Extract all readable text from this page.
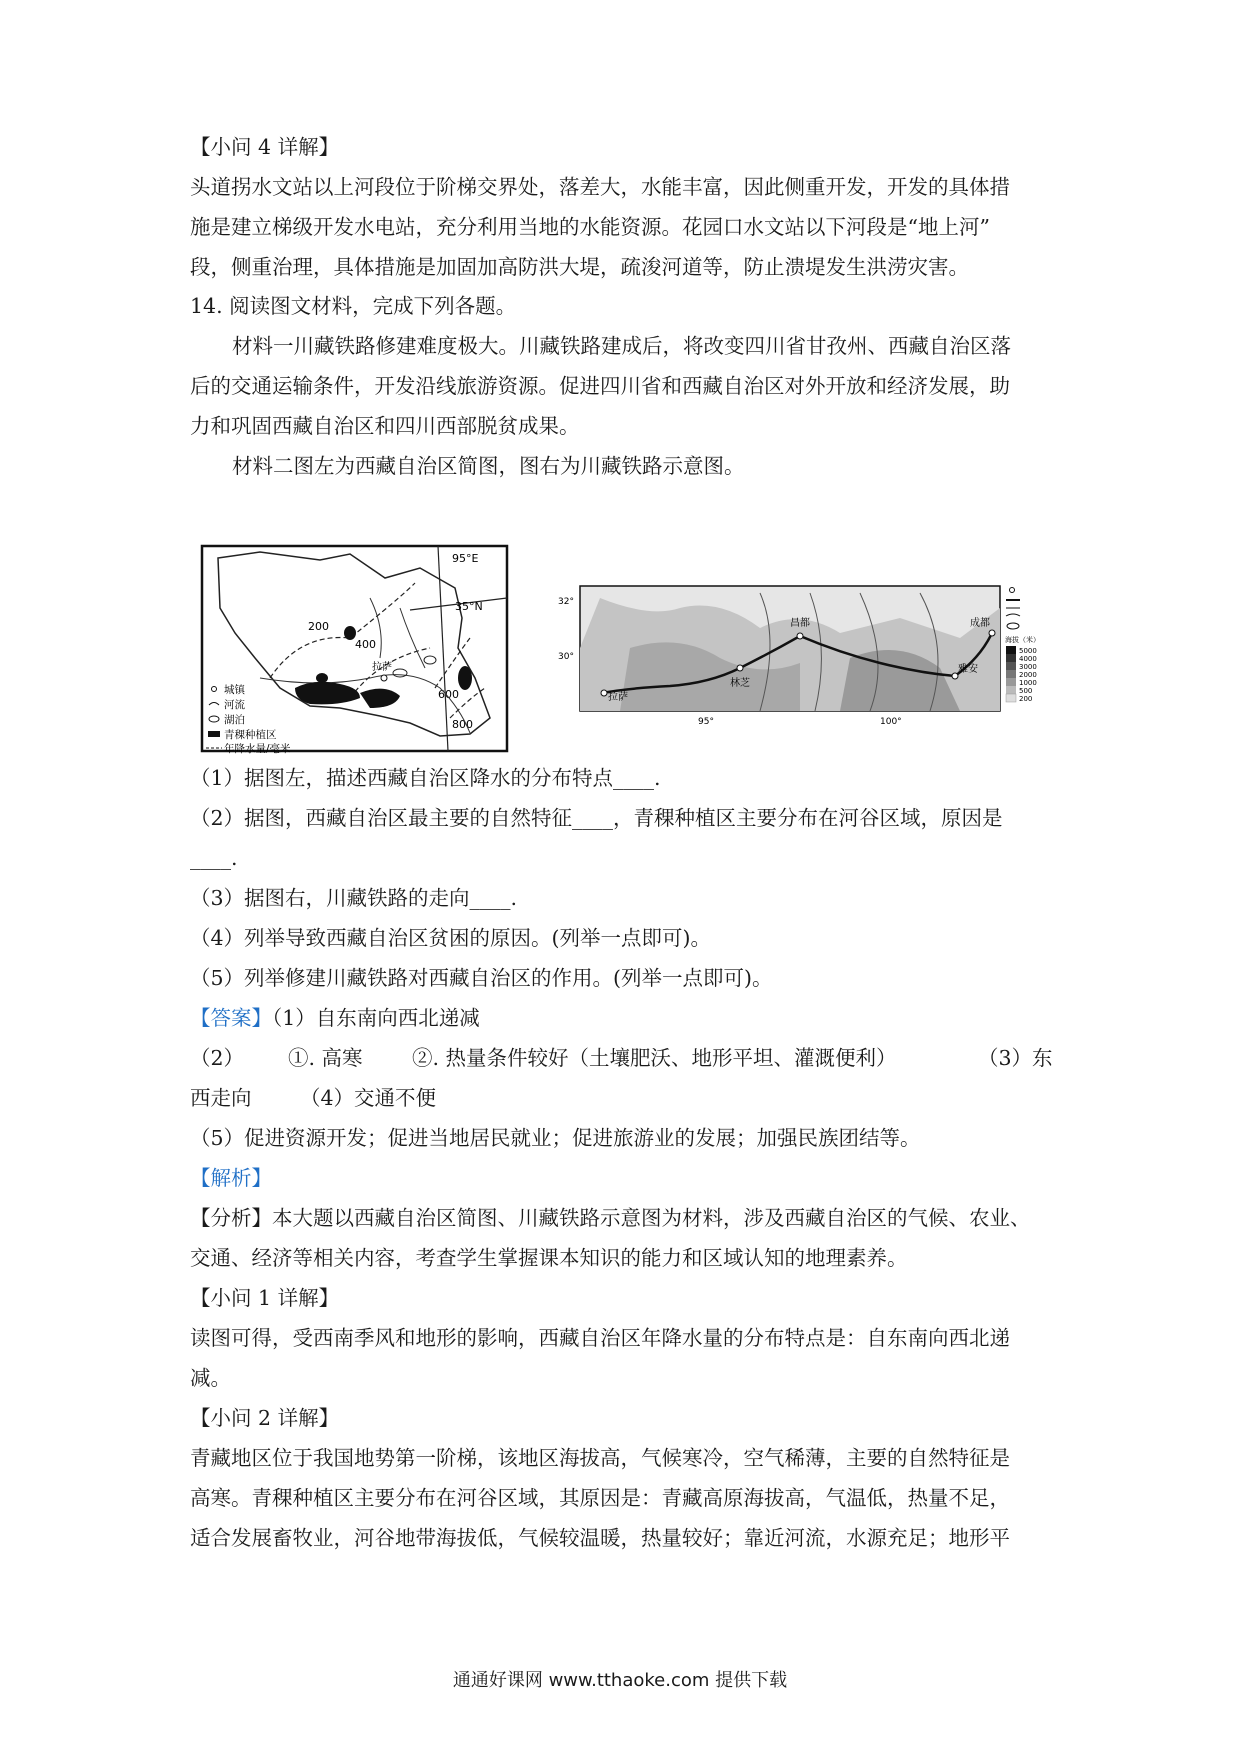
【小问 4 详解】
头道拐水文站以上河段位于阶梯交界处，落差大，水能丰富，因此侧重开发，开发的具体措
施是建立梯级开发水电站，充分利用当地的水能资源。花园口水文站以下河段是“地上河”
段，侧重治理，具体措施是加固加高防洪大堤，疏浚河道等，防止溃堤发生洪涝灾害。
14. 阅读图文材料，完成下列各题。
材料一川藏铁路修建难度极大。川藏铁路建成后，将改变四川省甘孜州、西藏自治区落
后的交通运输条件，开发沿线旅游资源。促进四川省和西藏自治区对外开放和经济发展，助
力和巩固西藏自治区和四川西部脱贫成果。
材料二图左为西藏自治区简图，图右为川藏铁路示意图。
95°E
35°N
200
400
600
800
拉萨
城镇
河流
湖泊
青稞种植区
年降水量/毫米
昌都	成都
林芝
雅安
拉萨
32°
30°
95°	100°
海拔（米）
5000
4000
3000
2000
1000
500
200
（1）据图左，描述西藏自治区降水的分布特点____.
（2）据图，西藏自治区最主要的自然特征____，青稞种植区主要分布在河谷区域，原因是
____.
（3）据图右，川藏铁路的走向____.
（4）列举导致西藏自治区贫困的原因。(列举一点即可)。
（5）列举修建川藏铁路对西藏自治区的作用。(列举一点即可)。
【答案】（1）自东南向西北递减
（2） ①. 高寒 ②. 热量条件较好（土壤肥沃、地形平坦、灌溉便利）	（3）东
西走向 （4）交通不便
（5）促进资源开发；促进当地居民就业；促进旅游业的发展；加强民族团结等。
【解析】
【分析】本大题以西藏自治区简图、川藏铁路示意图为材料，涉及西藏自治区的气候、农业、
交通、经济等相关内容，考查学生掌握课本知识的能力和区域认知的地理素养。
【小问 1 详解】
读图可得，受西南季风和地形的影响，西藏自治区年降水量的分布特点是：自东南向西北递
减。
【小问 2 详解】
青藏地区位于我国地势第一阶梯，该地区海拔高，气候寒冷，空气稀薄，主要的自然特征是
高寒。青稞种植区主要分布在河谷区域，其原因是：青藏高原海拔高，气温低，热量不足，
适合发展畜牧业，河谷地带海拔低，气候较温暖，热量较好；靠近河流，水源充足；地形平
通通好课网 www.tthaoke.com 提供下载
